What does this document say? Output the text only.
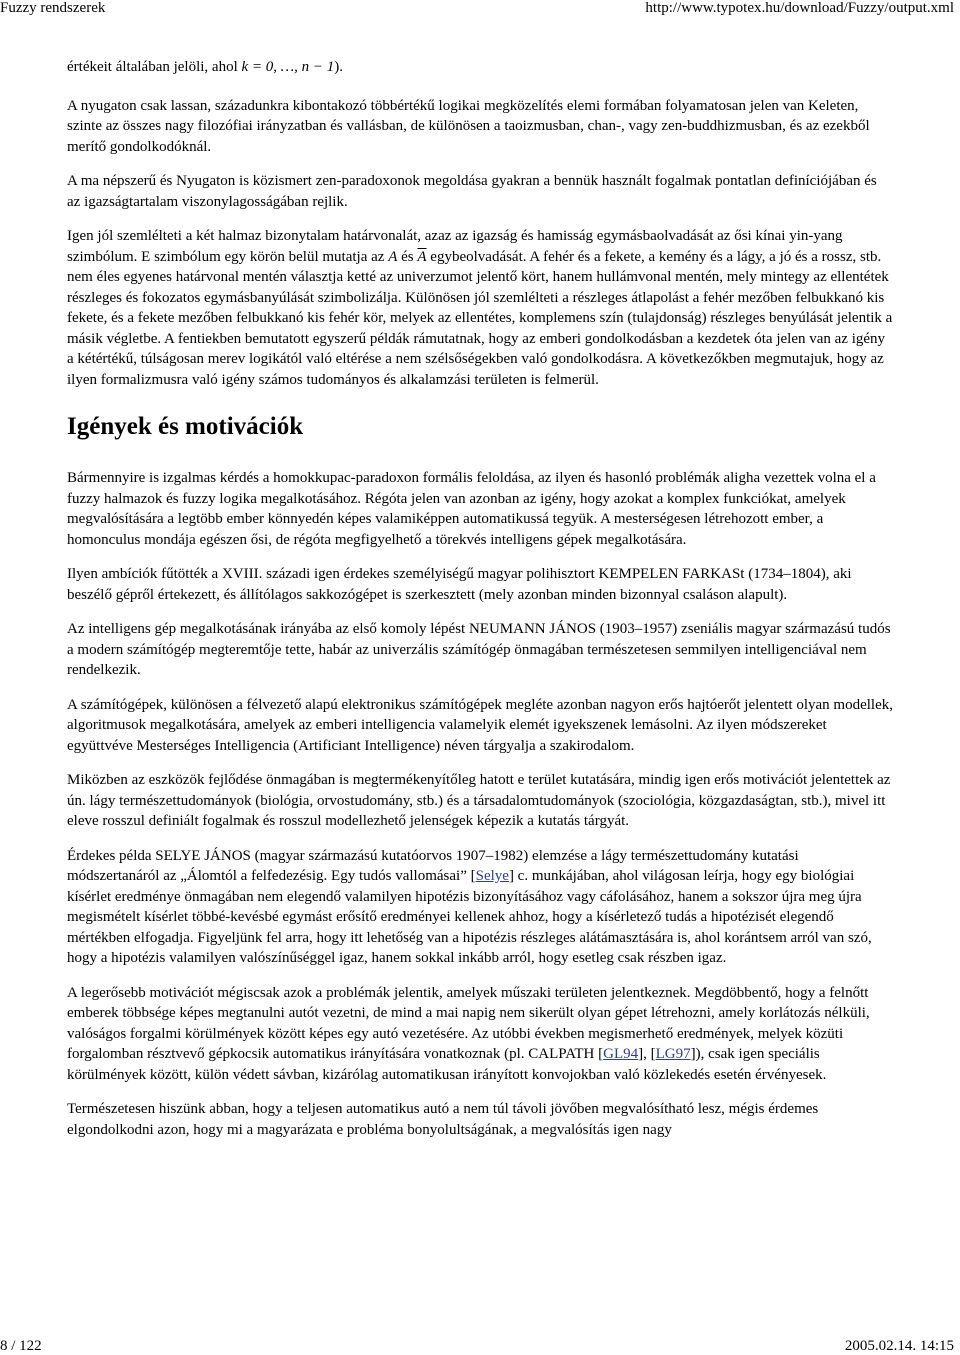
Fuzzy rendszerek	http://www.typotex.hu/download/Fuzzy/output.xml

értékeit általában jelöli, ahol k = 0, …, n − 1).

A nyugaton csak lassan, századunkra kibontakozó többértékű logikai megközelítés elemi formában folyamatosan jelen van Keleten, szinte az összes nagy filozófiai irányzatban és vallásban, de különösen a taoizmusban, chan-, vagy zen-buddhizmusban, és az ezekből merítő gondolkodóknál.

A ma népszerű és Nyugaton is közismert zen-paradoxonok megoldása gyakran a bennük használt fogalmak pontatlan definíciójában és az igazságtartalam viszonylagosságában rejlik.

Igen jól szemlélteti a két halmaz bizonytalam határvonalát, azaz az igazság és hamisság egymásbaolvadását az ősi kínai yin-yang szimbólum. E szimbólum egy körön belül mutatja az A és $\overline{A}$ egybeolvadását. A fehér és a fekete, a kemény és a lágy, a jó és a rossz, stb. nem éles egyenes határvonal mentén választja ketté az univerzumot jelentő kört, hanem hullámvonal mentén, mely mintegy az ellentétek részleges és fokozatos egymásbanyúlását szimbolizálja. Különösen jól szemlélteti a részleges átlapolást a fehér mezőben felbukkanó kis fekete, és a fekete mezőben felbukkanó kis fehér kör, melyek az ellentétes, komplemens szín (tulajdonság) részleges benyúlását jelentik a másik végletbe. A fentiekben bemutatott egyszerű példák rámutatnak, hogy az emberi gondolkodásban a kezdetek óta jelen van az igény a kétértékű, túlságosan merev logikától való eltérése a nem szélsőségekben való gondolkodásra. A következőkben megmutajuk, hogy az ilyen formalizmusra való igény számos tudományos és alkalamzási területen is felmerül.

Igények és motivációk

Bármennyire is izgalmas kérdés a homokkupac-paradoxon formális feloldása, az ilyen és hasonló problémák aligha vezettek volna el a fuzzy halmazok és fuzzy logika megalkotásához. Régóta jelen van azonban az igény, hogy azokat a komplex funkciókat, amelyek megvalósítására a legtöbb ember könnyedén képes valamiképpen automatikussá tegyük. A mesterségesen létrehozott ember, a homonculus mondája egészen ősi, de régóta megfigyelhető a törekvés intelligens gépek megalkotására.

Ilyen ambíciók fűtötték a XVIII. századi igen érdekes személyiségű magyar polihisztort KEMPELEN FARKASt (1734–1804), aki beszélő gépről értekezett, és állítólagos sakkozógépet is szerkesztett (mely azonban minden bizonnyal csaláson alapult).

Az intelligens gép megalkotásának irányába az első komoly lépést NEUMANN JÁNOS (1903–1957) zseniális magyar származású tudós a modern számítógép megteremtője tette, habár az univerzális számítógép önmagában természetesen semmilyen intelligenciával nem rendelkezik.

A számítógépek, különösen a félvezető alapú elektronikus számítógépek megléte azonban nagyon erős hajtóerőt jelentett olyan modellek, algoritmusok megalkotására, amelyek az emberi intelligencia valamelyik elemét igyekszenek lemásolni. Az ilyen módszereket együttvéve Mesterséges Intelligencia (Artificiant Intelligence) néven tárgyalja a szakirodalom.

Miközben az eszközök fejlődése önmagában is megtermékenyítőleg hatott e terület kutatására, mindig igen erős motivációt jelentettek az ún. lágy természettudományok (biológia, orvostudomány, stb.) és a társadalomtudományok (szociológia, közgazdaságtan, stb.), mivel itt eleve rosszul definiált fogalmak és rosszul modellezhető jelenségek képezik a kutatás tárgyát.

Érdekes példa SELYE JÁNOS (magyar származású kutatóorvos 1907–1982) elemzése a lágy természettudomány kutatási módszertanáról az „Álomtól a felfedezésig. Egy tudós vallomásai” [Selye] c. munkájában, ahol világosan leírja, hogy egy biológiai kísérlet eredménye önmagában nem elegendő valamilyen hipotézis bizonyításához vagy cáfolásához, hanem a sokszor újra meg újra megismételt kísérlet többé-kevésbé egymást erősítő eredményei kellenek ahhoz, hogy a kísérletező tudás a hipotézisét elegendő mértékben elfogadja. Figyeljünk fel arra, hogy itt lehetőség van a hipotézis részleges alátámasztására is, ahol korántsem arról van szó, hogy a hipotézis valamilyen valószínűséggel igaz, hanem sokkal inkább arról, hogy esetleg csak részben igaz.

A legerősebb motivációt mégiscsak azok a problémák jelentik, amelyek műszaki területen jelentkeznek. Megdöbbentő, hogy a felnőtt emberek többsége képes megtanulni autót vezetni, de mind a mai napig nem sikerült olyan gépet létrehozni, amely korlátozás nélküli, valóságos forgalmi körülmények között képes egy autó vezetésére. Az utóbbi években megismerhető eredmények, melyek közüti forgalomban résztvevő gépkocsik automatikus irányítására vonatkoznak (pl. CALPATH [GL94], [LG97]), csak igen speciális körülmények között, külön védett sávban, kizárólag automatikusan irányított konvojokban való közlekedés esetén érvényesek.

Természetesen hiszünk abban, hogy a teljesen automatikus autó a nem túl távoli jövőben megvalósítható lesz, mégis érdemes elgondolkodni azon, hogy mi a magyarázata e probléma bonyolultságának, a megvalósítás igen nagy

8 / 122	2005.02.14. 14:15
